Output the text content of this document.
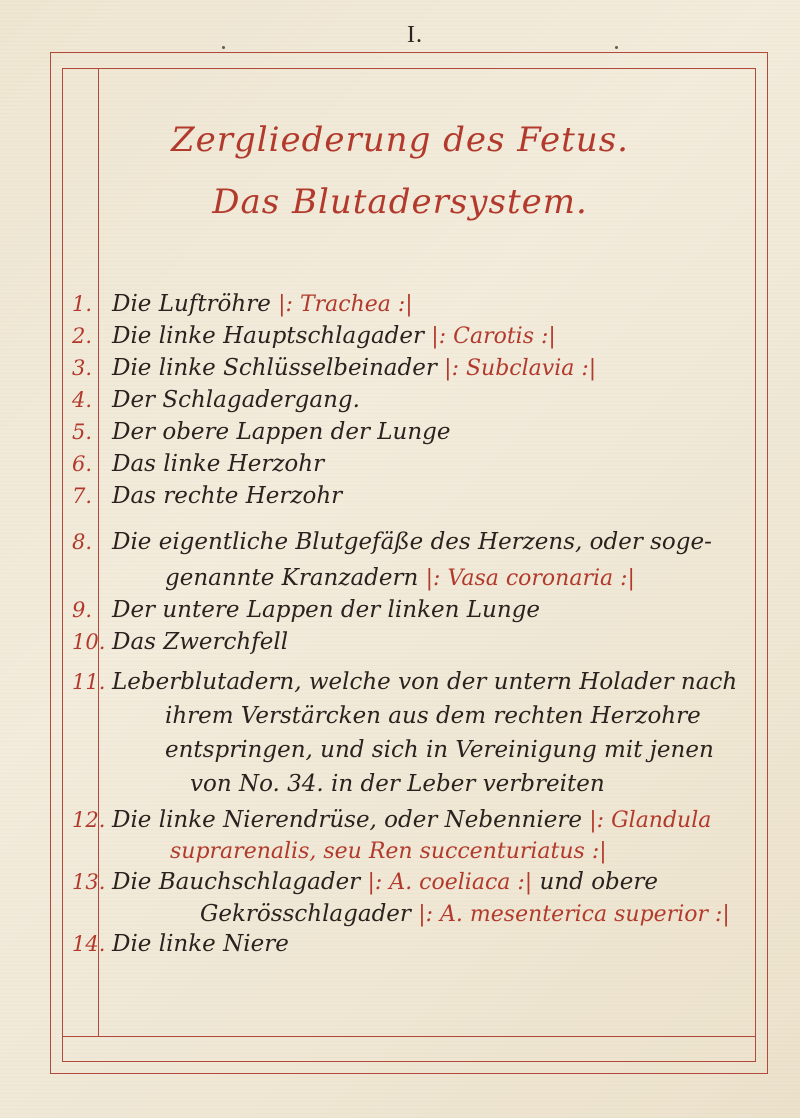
I.
Zergliederung des Fetus.
Das Blutadersystem.
1. Die Luftröhre |: Trachea :|
2. Die linke Hauptschlagader |: Carotis :|
3. Die linke Schlüsselbeinader |: Subclavia :|
4. Der Schlagadergang.
5. Der obere Lappen der Lunge
6. Das linke Herzohr
7. Das rechte Herzohr
8. Die eigentliche Blutgefäße des Herzens, oder soge-
genannte Kranzadern |: Vasa coronaria :|
9. Der untere Lappen der linken Lunge
10. Das Zwerchfell
11. Leberblutadern, welche von der untern Holader nach
ihrem Verstärcken aus dem rechten Herzohre
entspringen, und sich in Vereinigung mit jenen
von No. 34. in der Leber verbreiten
12. Die linke Nierendrüse, oder Nebenniere |: Glandula
suprarenalis, seu Ren succenturiatus :|
13. Die Bauchschlagader |: A. coeliaca :| und obere
Gekrösschlagader |: A. mesenterica superior :|
14. Die linke Niere
